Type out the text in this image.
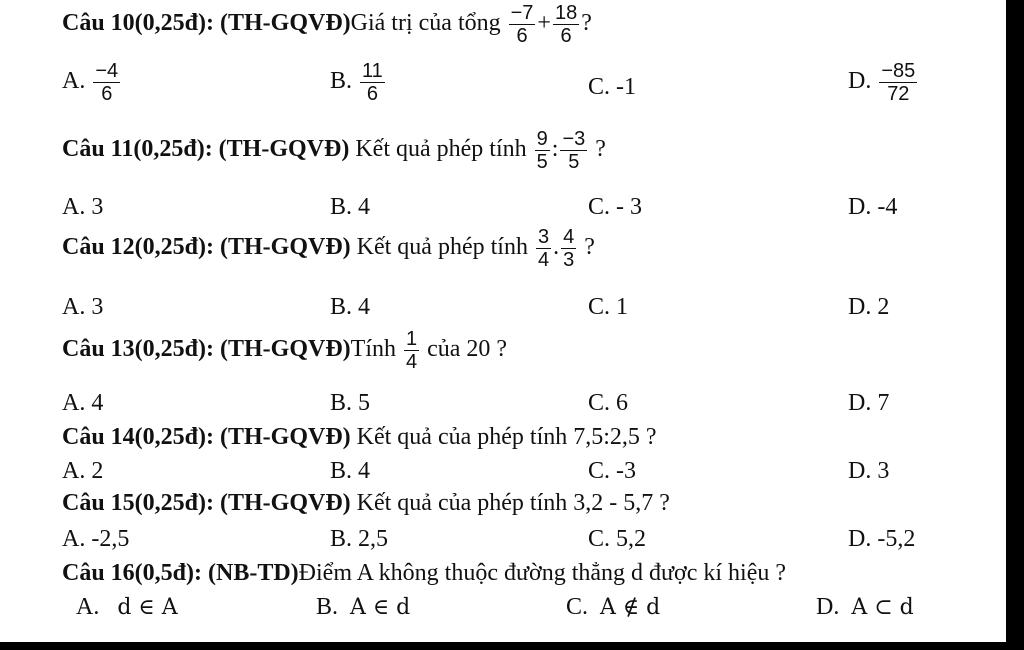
Câu 10(0,25đ): (TH-GQVĐ)Giá trị của tổng $\frac{-7}{6} + \frac{18}{6}$ ?
A. $\frac{-4}{6}$	B. $\frac{11}{6}$	C. -1	D. $\frac{-85}{72}$
Câu 11(0,25đ): (TH-GQVĐ) Kết quả phép tính $\frac{9}{5}$ : $\frac{-3}{5}$ ?
A. 3	B. 4	C. - 3	D. -4
Câu 12(0,25đ): (TH-GQVĐ) Kết quả phép tính $\frac{3}{4}$ . $\frac{4}{3}$ ?
A. 3	B. 4	C. 1	D. 2
Câu 13(0,25đ): (TH-GQVĐ)Tính $\frac{1}{4}$ của 20 ?
A. 4	B. 5	C. 6	D. 7
Câu 14(0,25đ): (TH-GQVĐ) Kết quả của phép tính 7,5:2,5 ?
A. 2	B. 4	C. -3	D. 3
Câu 15(0,25đ): (TH-GQVĐ) Kết quả của phép tính 3,2 - 5,7 ?
A. -2,5	B. 2,5	C. 5,2	D. -5,2
Câu 16(0,5đ): (NB-TD)Điểm A không thuộc đường thẳng d được kí hiệu ?
A. d ∈ A	B. A ∈ d	C. A ∉ d	D. A ⊂ d
